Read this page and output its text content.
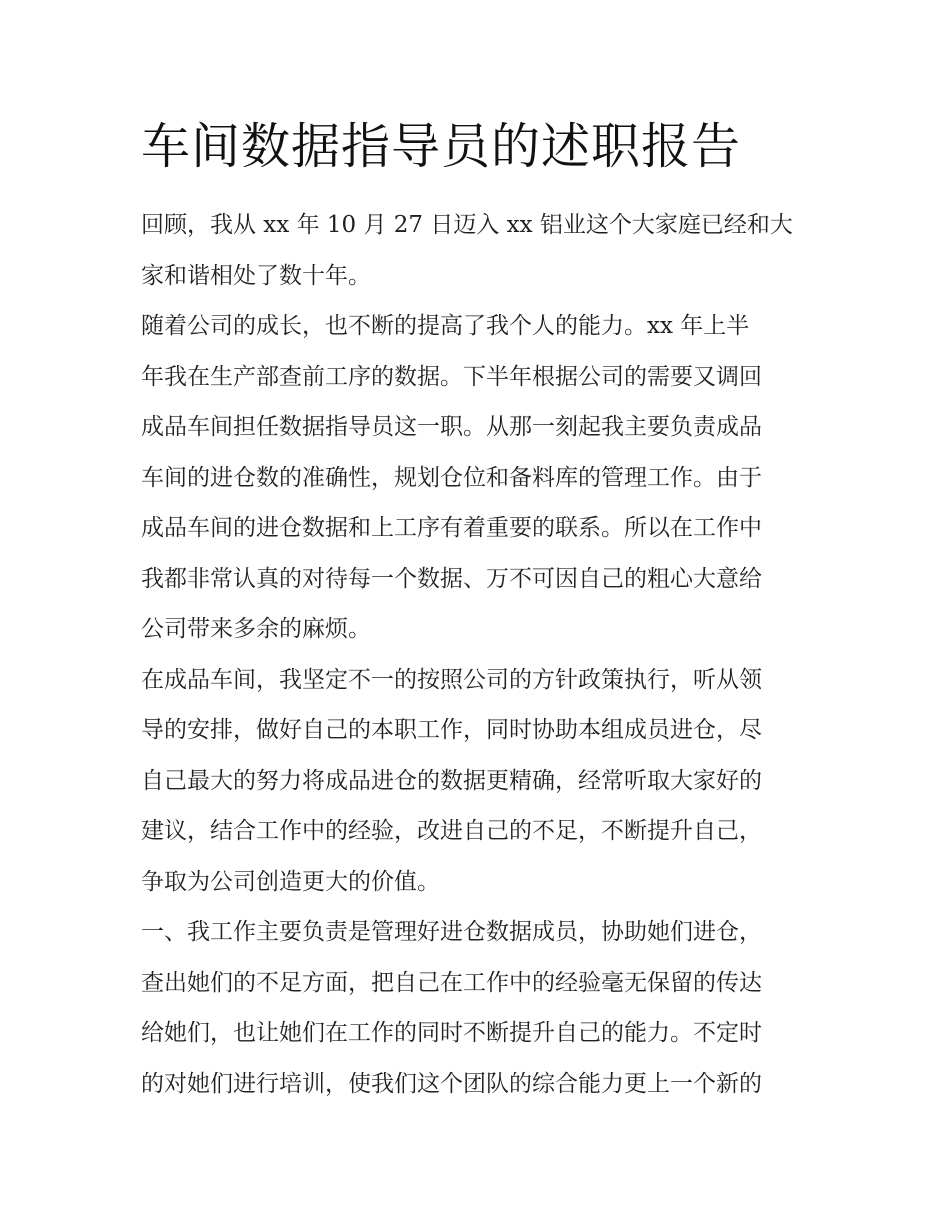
车间数据指导员的述职报告

回顾，我从 xx 年 10 月 27 日迈入 xx 铝业这个大家庭已经和大
家和谐相处了数十年。

随着公司的成长，也不断的提高了我个人的能力。xx 年上半
年我在生产部查前工序的数据。下半年根据公司的需要又调回
成品车间担任数据指导员这一职。从那一刻起我主要负责成品
车间的进仓数的准确性，规划仓位和备料库的管理工作。由于
成品车间的进仓数据和上工序有着重要的联系。所以在工作中
我都非常认真的对待每一个数据、万不可因自己的粗心大意给
公司带来多余的麻烦。

在成品车间，我坚定不一的按照公司的方针政策执行，听从领
导的安排，做好自己的本职工作，同时协助本组成员进仓，尽
自己最大的努力将成品进仓的数据更精确，经常听取大家好的
建议，结合工作中的经验，改进自己的不足，不断提升自己，
争取为公司创造更大的价值。

一、我工作主要负责是管理好进仓数据成员，协助她们进仓，
查出她们的不足方面，把自己在工作中的经验毫无保留的传达
给她们，也让她们在工作的同时不断提升自己的能力。不定时
的对她们进行培训，使我们这个团队的综合能力更上一个新的
